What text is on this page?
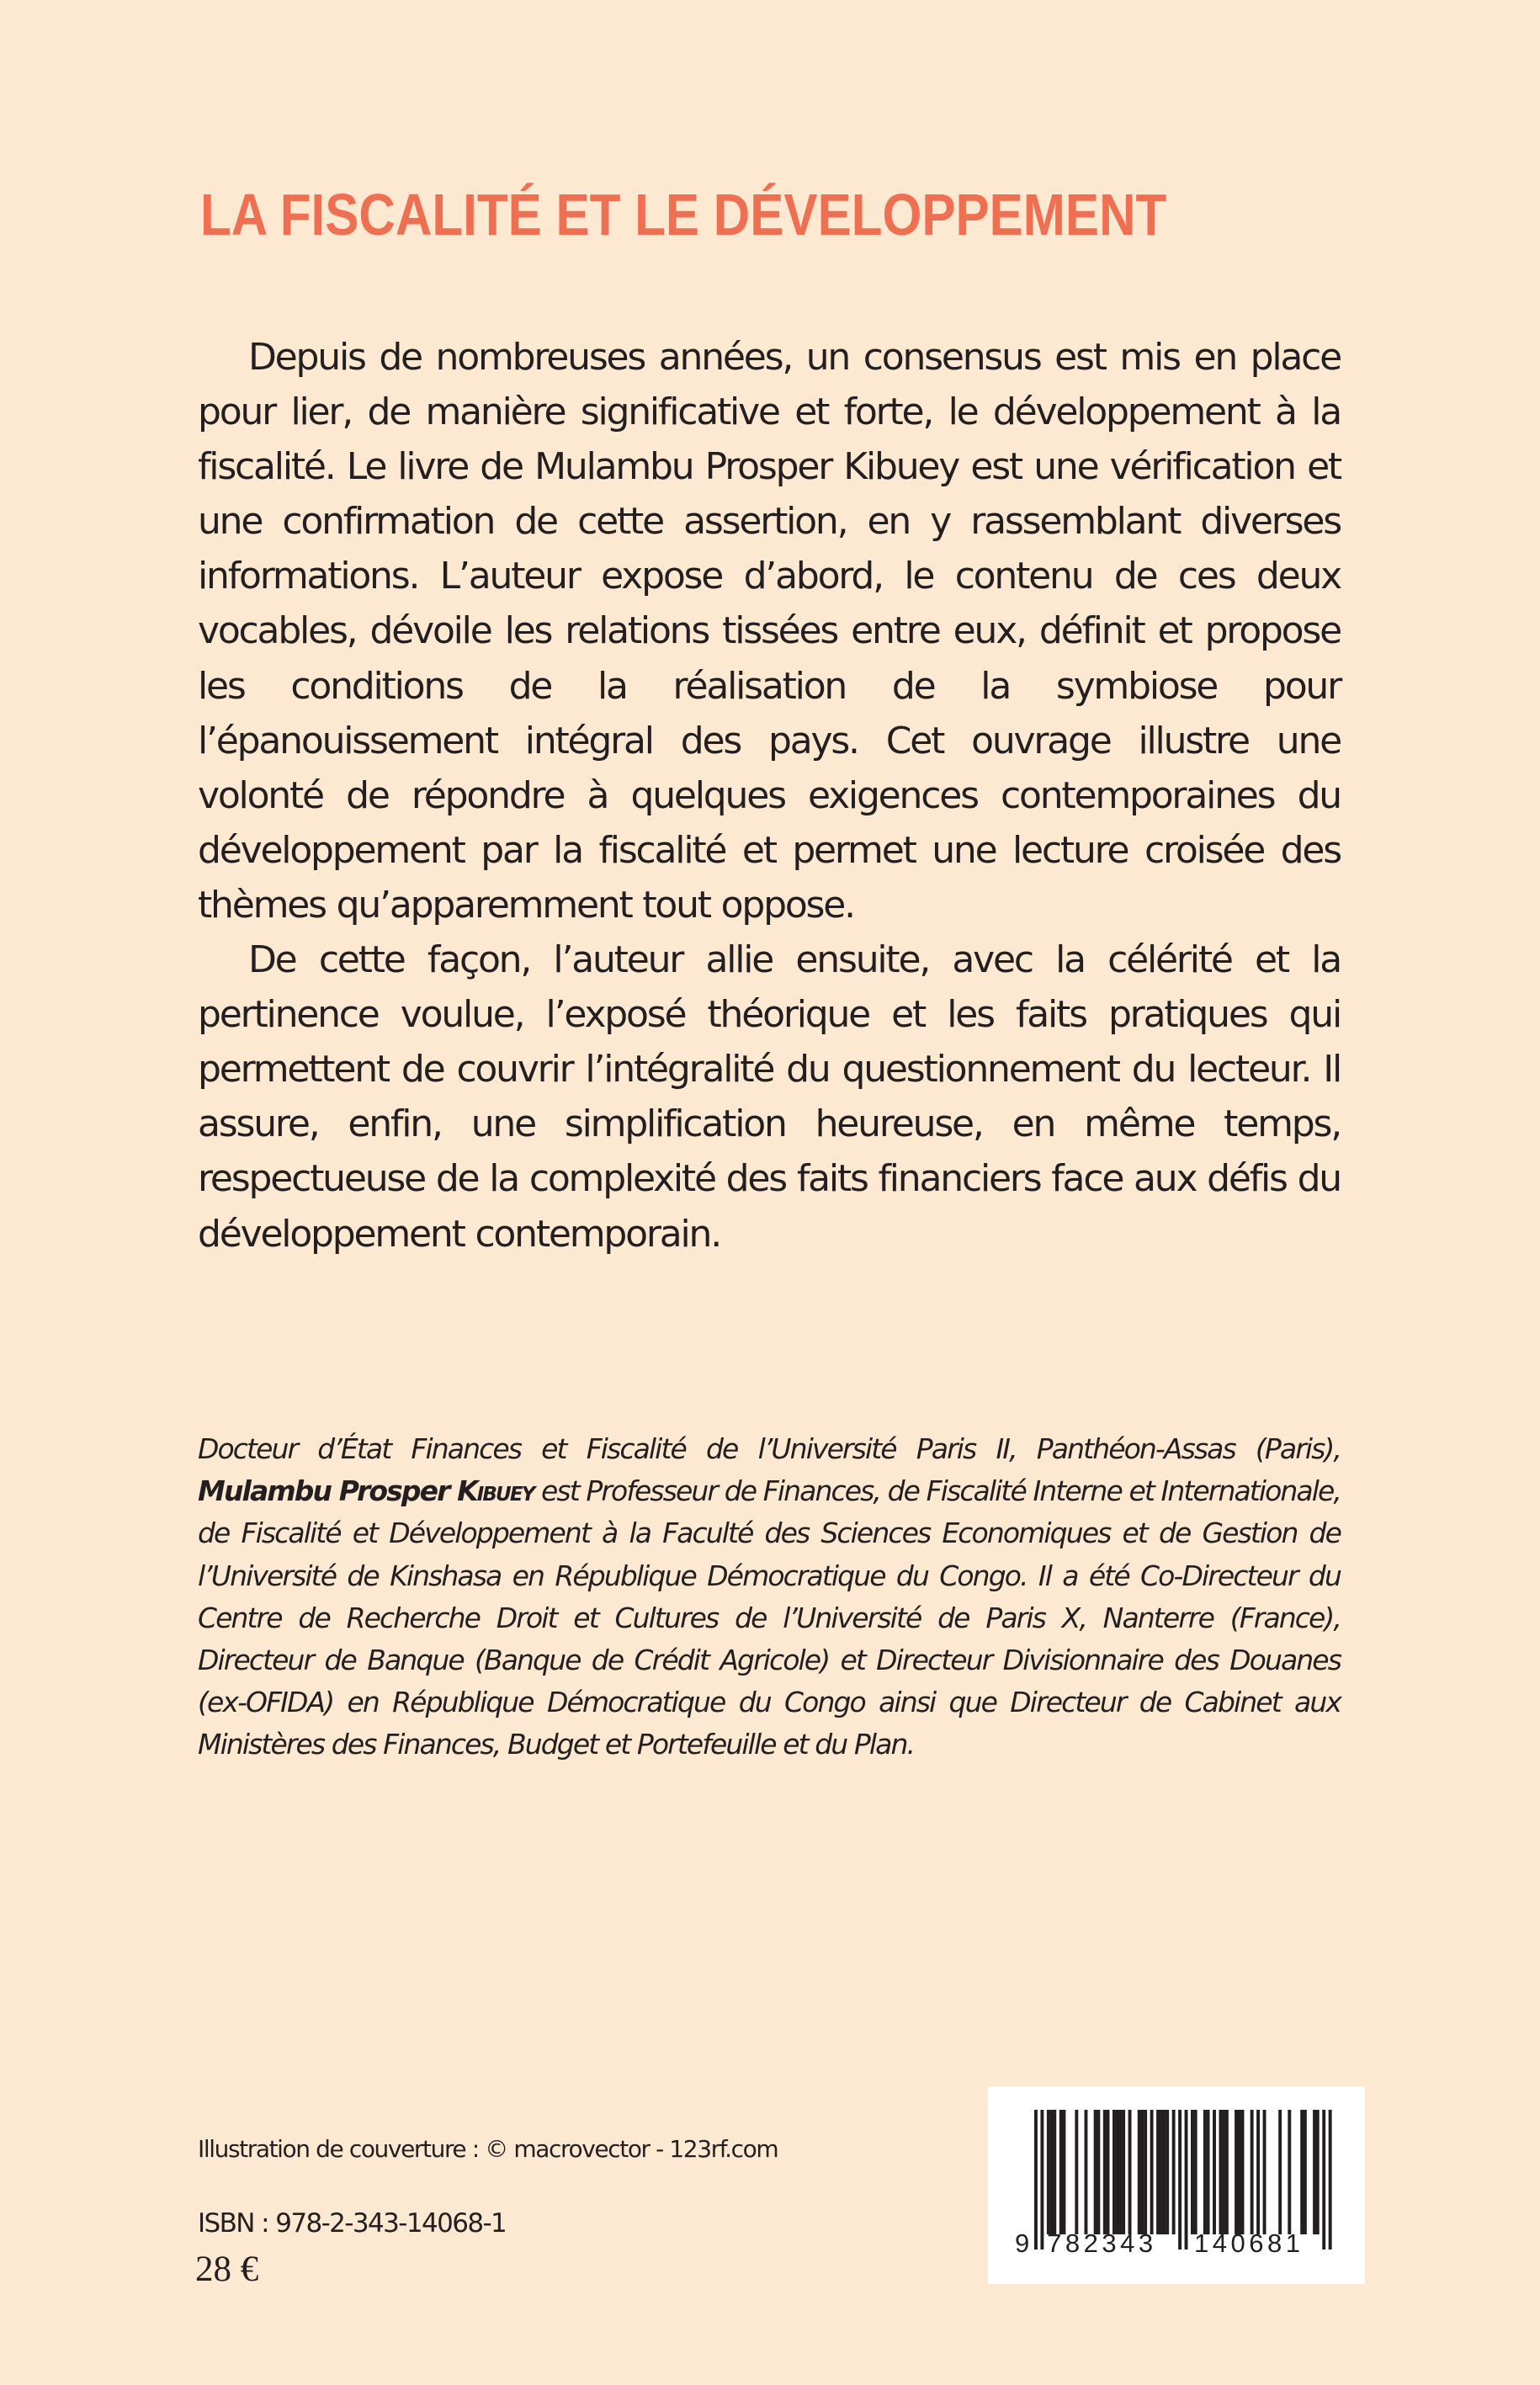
LA FISCALITÉ ET LE DÉVELOPPEMENT

Depuis de nombreuses années, un consensus est mis en place pour lier, de manière significative et forte, le développement à la fiscalité. Le livre de Mulambu Prosper Kibuey est une vérification et une confirmation de cette assertion, en y rassemblant diverses informations. L’auteur expose d’abord, le contenu de ces deux vocables, dévoile les relations tissées entre eux, définit et propose les conditions de la réalisation de la symbiose pour l’épanouissement intégral des pays. Cet ouvrage illustre une volonté de répondre à quelques exigences contemporaines du développement par la fiscalité et permet une lecture croisée des thèmes qu’apparemment tout oppose.

De cette façon, l’auteur allie ensuite, avec la célérité et la pertinence voulue, l’exposé théorique et les faits pratiques qui permettent de couvrir l’intégralité du questionnement du lecteur. Il assure, enfin, une simplification heureuse, en même temps, respectueuse de la complexité des faits financiers face aux défis du développement contemporain.

Docteur d’État Finances et Fiscalité de l’Université Paris II, Panthéon-Assas (Paris), Mulambu Prosper Kibuey est Professeur de Finances, de Fiscalité Interne et Internationale, de Fiscalité et Développement à la Faculté des Sciences Economiques et de Gestion de l’Université de Kinshasa en République Démocratique du Congo. Il a été Co-Directeur du Centre de Recherche Droit et Cultures de l’Université de Paris X, Nanterre (France), Directeur de Banque (Banque de Crédit Agricole) et Directeur Divisionnaire des Douanes (ex-OFIDA) en République Démocratique du Congo ainsi que Directeur de Cabinet aux Ministères des Finances, Budget et Portefeuille et du Plan.

Illustration de couverture : © macrovector - 123rf.com
ISBN : 978-2-343-14068-1
28 €
9 782343 140681
